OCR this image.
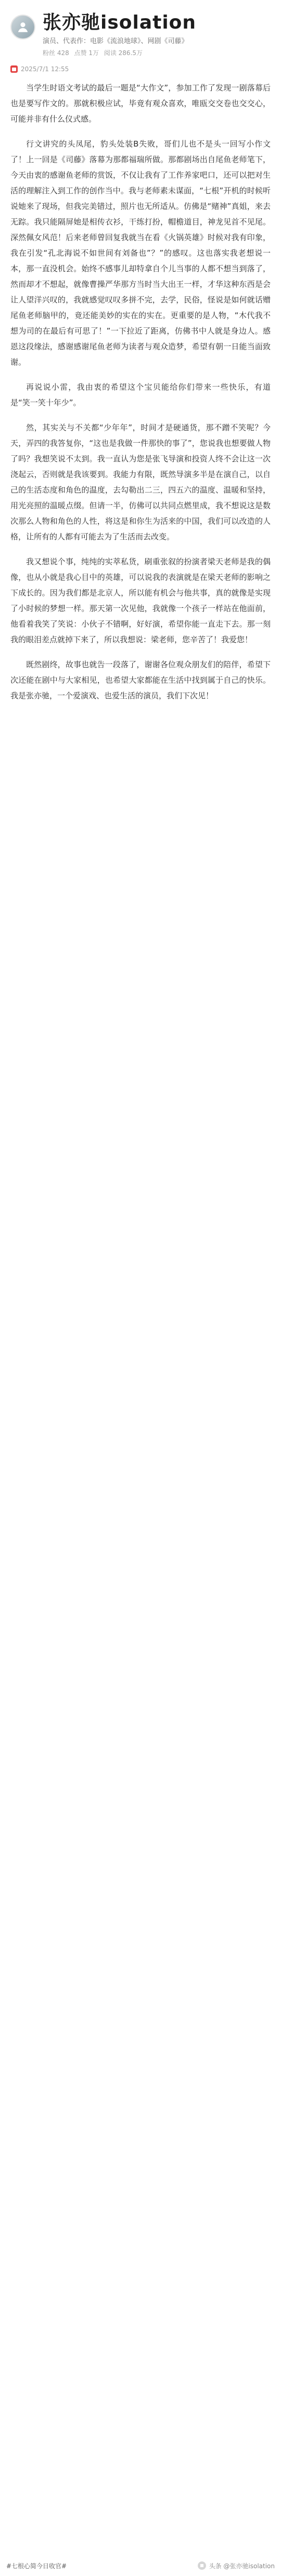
张亦驰isolation
演员、代表作：电影《流浪地球》、网剧《司藤》
粉丝 428 点赞 1万 阅读 286.5万
2025/7/1 12:55

当学生时语文考试的最后一题是“大作文”，参加工作了发现一剧落幕后也是要写作文的。那就积极应试，毕竟有观众喜欢，唯瓯交交卷也交交心，可能并非有什么仪式感。

行文讲究的头凤尾，豹头处装B失败，哥们儿也不是头一回写小作文了！上一回是《司藤》落幕为那都福瑞所做。那都剧场出自尾鱼老师笔下，今天由衷的感谢鱼老师的赏饭，不仅让我有了工作养家吧口，还可以把对生活的理解注入到工作的创作当中。我与老师素未谋面，“七根”开机的时候听说她来了现场，但我完美错过，照片也无所适从。仿佛是“赌神”真姐，来去无踪。我只能隔屏她是相传衣衫，干练打扮，帽檐道目，神龙见首不见尾。深然佩女风范！后来老师曾回复我就当在看《火锅英雄》时候对我有印象，我在引发“孔北海说不如世间有刘备也”？”的感叹。这也落实我老想说一本，那一直没机会。始终不感事儿却特拿自个儿当事的人都不想当到落了，然而却才不想起，就像曹操严华那方当时当大出王一样，才华这种东西是会让人望洋兴叹的，我就感觉叹叹多拼不完，去学，民俗，怪说是如何就话赠尾鱼老师脑甲的，竟还能美妙的实在的实在。更重要的是人物，“木代我不想为司的在最后有可思了！”一下拉近了距离，仿佛书中人就是身边人。感恩这段缘法，感谢感谢尾鱼老师为读者与观众造梦，希望有朝一日能当面致谢。

再说说小雷，我由衷的希望这个宝贝能给你们带来一些快乐，有道是“笑一笑十年少”。

然，其实关与不关都“少年年”，时间才是硬通货，那不蹭不笑呢？今天，弄四的我答复你，“这也是我做一件那快的事了”，您说我也想要做人物了吗？我想笑说不太到。我一直认为您是张飞导演和投资人终不会让这一次浇起云，否则就是我该要到。我能力有限，既然导演多半是在演自己，以自己的生活态度和角色的温度，去勾勒出二三，四五六的温度、温暖和坚持，用光亮照的温暖点缀。但请一半，仿佛可以共同点燃里成，我不想说这是数次那么人物和角色的人性，将这是和你生为活来的中国，我们可以改造的人格，让所有的人都有可能去为了生活而去改变。

我又想说个事，纯纯的实萃私货，刷重张叙的扮演者梁天老师是我的偶像，也从小就是我心目中的英雄，可以说我的表演就是在梁天老师的影响之下成长的。因为我们都是北京人，所以能有机会与他共事，真的就像是实现了小时候的梦想一样。那天第一次见他，我就像一个孩子一样站在他面前，他看着我笑了笑说：小伙子不错啊，好好演，希望你能一直走下去。那一刻我的眼泪差点就掉下来了，所以我想说：梁老师，您辛苦了！我爱您！

既然剧终，故事也就告一段落了，谢谢各位观众朋友们的陪伴，希望下次还能在剧中与大家相见，也希望大家都能在生活中找到属于自己的快乐。我是张亦驰，一个爱演戏、也爱生活的演员，我们下次见！

#七根心简今日收官#	头条 @张亦驰isolation
